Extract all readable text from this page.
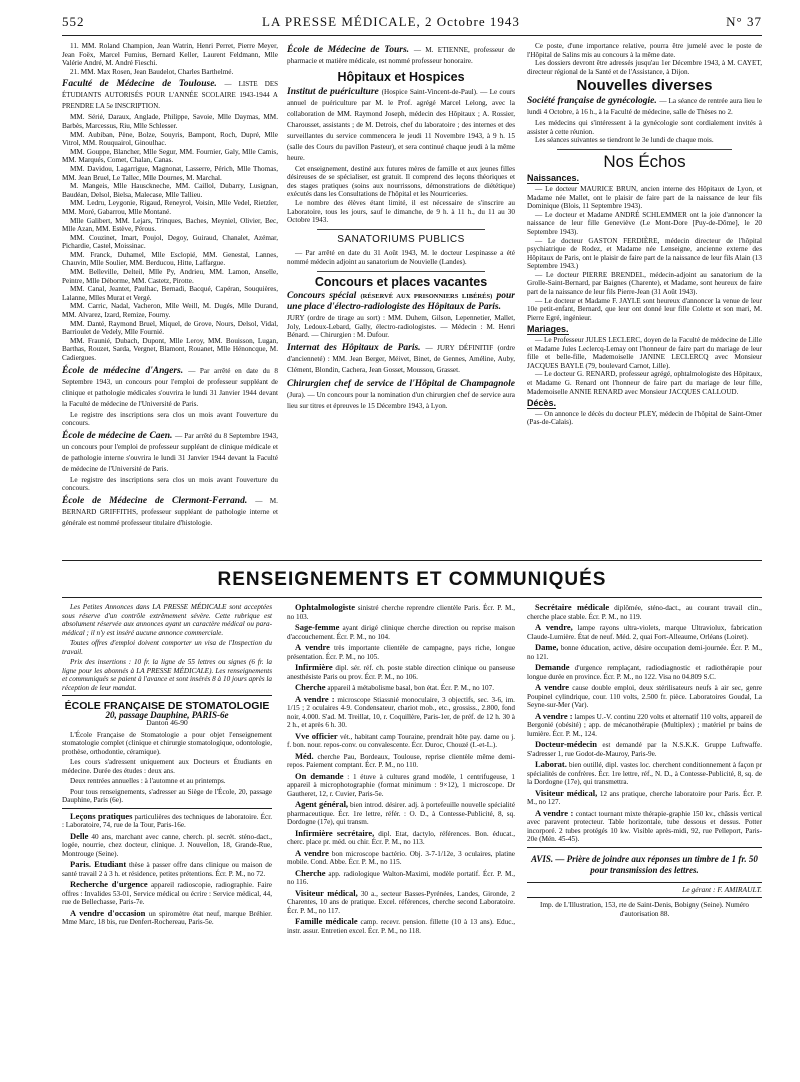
552	LA PRESSE MÉDICALE, 2 Octobre 1943	N° 37

11. MM. Roland Champion, Jean Watrin, Henri Perret, Pierre Meyer, Jean Foëx, Marcel Fumius, Bernard Keller, Laurent Feldmann, Mlle Valérie André, M. André Fieschi.

21. MM. Max Rosen, Jean Baudelot, Charles Barthelmé.

Faculté de Médecine de Toulouse. — LISTE DES ÉTUDIANTS AUTORISÉS POUR L'ANNÉE SCOLAIRE 1943-1944 A PRENDRE LA 5e INSCRIPTION.

MM. Sérié, Daraux, Anglade, Philippe, Savoie, Mlle Daymas, MM. Barbès, Marcessus, Riu, Mlle Schlesser.

MM. Aubiban, Pène, Bolze, Souyris, Bampont, Roch, Dupré, Mlle Vitrol, MM. Rouquairol, Ginoulhac.

MM. Gouppe, Blancher, Mlle Segur, MM. Fournier, Galy, Mlle Camis, MM. Marqués, Comet, Chalan, Canas.

MM. Davidou, Lagarrigue, Magnonat, Lasserre, Périch, Mlle Thomas, MM. Jean Bruel, Le Tallec, Mlle Dournes, M. Marchal.

M. Mangeis, Mlle Hausckneche, MM. Caillol, Dubarry, Lusignan, Baudéan, Delsol, Bielsa, Malecase, Mlle Tallieu.

MM. Ledru, Leygonie, Rigaud, Reneyrol, Voisin, Mlle Vedel, Rietzler, MM. Moré, Gabarrou, Mlle Montané.

Mlle Galibert, MM. Lejars, Trinques, Baches, Meyniel, Olivier, Bec, Mlle Azan, MM. Estève, Pérous.

MM. Couzinet, Imart, Poujol, Degoy, Guiraud, Chanalet, Azémar, Pichardie, Castel, Moissinac.

MM. Franck, Duhamel, Mlle Esclopié, MM. Genestal, Lannes, Chauvin, Mlle Soulier, MM. Berducou, Hitte, Laffargue.

MM. Belleville, Delteil, Mlle Py, Andrieu, MM. Lamon, Anselle, Peintre, Mlle Déborme, MM. Castetz, Pirotte.

MM. Canal, Jeantet, Paulhac, Bernadi, Bacqué, Capéran, Souquières, Lalanne, Mlles Murat et Vergé.

MM. Carric, Nadal, Vacheron, Mlle Weill, M. Dugés, Mlle Durand, MM. Alvarez, Izard, Remize, Fourny.

MM. Danté, Raymond Bruel, Miquel, de Grove, Nours, Delsol, Vidal, Barrioulet de Vedely, Mlle Fournié.

MM. Fraunié, Dubach, Dupont, Mlle Leroy, MM. Bouisson, Lugan, Barthas, Rouzet, Sarda, Vergnet, Blamont, Rouanet, Mlle Hénoncque, M. Cadiergues.

École de médecine d'Angers. — Par arrêté en date du 8 Septembre 1943, un concours pour l'emploi de professeur suppléant de clinique et pathologie médicales s'ouvrira le lundi 31 Janvier 1944 devant la Faculté de médecine de l'Université de Paris.

Le registre des inscriptions sera clos un mois avant l'ouverture du concours.

École de médecine de Caen. — Par arrêté du 8 Septembre 1943, un concours pour l'emploi de professeur suppléant de clinique médicale et de pathologie interne s'ouvrira le lundi 31 Janvier 1944 devant la Faculté de médecine de l'Université de Paris.

Le registre des inscriptions sera clos un mois avant l'ouverture du concours.

École de Médecine de Clermont-Ferrand. — M. BERNARD GRIFFITHS, professeur suppléant de pathologie interne et générale est nommé professeur titulaire d'histologie.
École de Médecine de Tours. — M. ETIENNE, professeur de pharmacie et matière médicale, est nommé professeur honoraire.
Hôpitaux et Hospices
Institut de puériculture (Hospice Saint-Vincent-de-Paul). — Le cours annuel de puériculture par M. le Prof. agrégé Marcel Lelong, avec la collaboration de MM. Raymond Joseph, médecin des Hôpitaux ; A. Rossier, Charousset, assistants ; de M. Detrois, chef du laboratoire ; des internes et des surveillantes du service commencera le jeudi 11 Novembre 1943, à 9 h. 15 (salle des Cours du pavillon Pasteur), et sera continué chaque jeudi à la même heure.

Cet enseignement, destiné aux futures mères de famille et aux jeunes filles désireuses de se spécialiser, est gratuit. Il comprend des leçons théoriques et des stages pratiques (soins aux nourrissons, démonstrations de diététique) exécutés dans les Consultations de l'hôpital et les Nourriceries.

Le nombre des élèves étant limité, il est nécessaire de s'inscrire au Laboratoire, tous les jours, sauf le dimanche, de 9 h. à 11 h., du 11 au 30 Octobre 1943.

SANATORIUMS PUBLICS

— Par arrêté en date du 31 Août 1943, M. le docteur Lespinasse a été nommé médecin adjoint au sanatorium de Nouvielle (Landes).

Concours et places vacantes
Concours spécial (RÉSERVÉ AUX PRISONNIERS LIBÉRÉS) pour une place d'électro-radiologiste des Hôpitaux de Paris.

JURY (ordre de tirage au sort) : MM. Duhem, Gilson, Lepennetier, Mallet, Joly, Ledoux-Lebard, Gally, électro-radiologistes. — Médecin : M. Henri Bénard. — Chirurgien : M. Dufour.

Internat des Hôpitaux de Paris. — JURY DÉFINITIF (ordre d'ancienneté) : MM. Jean Berger, Méivet, Binet, de Gennes, Améline, Auby, Clément, Blondin, Cachera, Jean Gosset, Moussou, Grasset.
Chirurgien chef de service de l'Hôpital de Champagnole (Jura). — Un concours pour la nomination d'un chirurgien chef de service aura lieu sur titres et épreuves le 15 Décembre 1943, à Lyon.

Ce poste, d'une importance relative, pourra être jumelé avec le poste de l'Hôpital de Salins mis au concours à la même date.

Les dossiers devront être adressés jusqu'au 1er Décembre 1943, à M. CAYET, directeur régional de la Santé et de l'Assistance, à Dijon.

Nouvelles diverses
Société française de gynécologie. — La séance de rentrée aura lieu le lundi 4 Octobre, à 16 h., à la Faculté de médecine, salle de Thèses no 2.

Les médecins qui s'intéressent à la gynécologie sont cordialement invités à assister à cette réunion.

Les séances suivantes se tiendront le 3e lundi de chaque mois.

Nos Échos
Naissances.

— Le docteur MAURICE BRUN, ancien interne des Hôpitaux de Lyon, et Madame née Mallet, ont le plaisir de faire part de la naissance de leur fils Dominique (Blois, 11 Septembre 1943).

— Le docteur et Madame ANDRÉ SCHLEMMER ont la joie d'annoncer la naissance de leur fille Geneviève (Le Mont-Dore [Puy-de-Dôme], le 20 Septembre 1943).

— Le docteur GASTON FERDIÈRE, médecin directeur de l'hôpital psychiatrique de Rodez, et Madame née Lenseigne, ancienne externe des Hôpitaux de Paris, ont le plaisir de faire part de la naissance de leur fils Alain (13 Septembre 1943.)

— Le docteur PIERRE BRENDEL, médecin-adjoint au sanatorium de la Grolle-Saint-Bernard, par Baignes (Charente), et Madame, sont heureux de faire part de la naissance de leur fils Pierre-Jean (31 Août 1943).

— Le docteur et Madame F. JAYLE sont heureux d'annoncer la venue de leur 10e petit-enfant, Bernard, que leur ont donné leur fille Colette et son mari, M. Pierre Egré, ingénieur.

Mariages.

— Le Professeur JULES LECLERC, doyen de la Faculté de médecine de Lille et Madame Jules Leclercq-Lemay ont l'honneur de faire part du mariage de leur fille et belle-fille, Mademoiselle JANINE LECLERCQ avec Monsieur JACQUES BAYLE (79, boulevard Carnot, Lille).

— Le docteur G. RENARD, professeur agrégé, ophtalmologiste des Hôpitaux, et Madame G. Renard ont l'honneur de faire part du mariage de leur fille, Mademoiselle ANNIE RENARD avec Monsieur JACQUES CALLOUD.

Décès.

— On annonce le décès du docteur PLEY, médecin de l'hôpital de Saint-Omer (Pas-de-Calais).

RENSEIGNEMENTS ET COMMUNIQUÉS

Les Petites Annonces dans LA PRESSE MÉDICALE sont acceptées sous réserve d'un contrôle extrêmement sévère. Cette rubrique est absolument réservée aux annonces ayant un caractère médical ou para-médical ; il n'y est inséré aucune annonce commerciale.

Toutes offres d'emploi doivent comporter un visa de l'Inspection du travail.

Prix des insertions : 10 fr. la ligne de 55 lettres ou signes (6 fr. la ligne pour les abonnés à LA PRESSE MÉDICALE). Les renseignements et communiqués se paient à l'avance et sont insérés 8 à 10 jours après la réception de leur mandat.

ÉCOLE FRANÇAISE DE STOMATOLOGIE
20, passage Dauphine, PARIS-6e
Danton 46-90

L'École Française de Stomatologie a pour objet l'enseignement stomatologie complet (clinique et chirurgie stomatologique, odontologie, prothèse, orthodontie, céramique).

Les cours s'adressent uniquement aux Docteurs et Étudiants en médecine. Durée des études : deux ans.

Deux rentrées annuelles : à l'automne et au printemps.

Pour tous renseignements, s'adresser au Siège de l'École, 20, passage Dauphine, Paris (6e).

Leçons pratiques particulières des techniques de laboratoire. Écr. : Laboratoire, 74, rue de la Tour, Paris-16e.

Delle 40 ans, marchant avec canne, cherch. pl. secrét. sténo-dact., logée, nourrie, chez docteur, clinique. J. Nouvellon, 18, Grande-Rue, Montrouge (Seine).

Paris. Etudiant thèse à passer offre dans clinique ou maison de santé travail 2 à 3 h. et résidence, petites prétentions. Écr. P. M., no 72.

Recherche d'urgence appareil radioscopie, radiographie. Faire offres : Invalides 53-01, Service médical ou écrire : Service médical, 44, rue de Bellechasse, Paris-7e.

A vendre d'occasion un spiromètre état neuf, marque Bréhier. Mme Marc, 18 bis, rue Denfert-Rochereau, Paris-5e.

Ophtalmologiste sinistré cherche reprendre clientèle Paris. Écr. P. M., no 103.

Sage-femme ayant dirigé clinique cherche direction ou reprise maison d'accouchement. Écr. P. M., no 104.

A vendre très importante clientèle de campagne, pays riche, longue présentation. Écr. P. M., no 105.

Infirmière dipl. sér. réf. ch. poste stable direction clinique ou panseuse anesthésiste Paris ou prov. Écr. P. M., no 106.

Cherche appareil à métabolisme basal, bon état. Écr. P. M., no 107.

A vendre : microscope Stiassnié monoculaire, 3 objectifs, sec. 3-6, im. 1/15 ; 2 oculaires 4-9. Condensateur, chariot mob., etc., grossiss., 2.800, fond noir, 4.000. S'ad. M. Treillat, 10, r. Coquillère, Paris-1er, de préf. de 12 h. 30 à 2 h., et après 6 h. 30.

Vve officier vét., habitant camp Touraine, prendrait hôte pay. dame ou j. f. bon. nour. repos-conv. ou convalescente. Écr. Duroc, Chouzé (I.-et-L.).

Méd. cherche Pau, Bordeaux, Toulouse, reprise clientèle même demi-repos. Paiement comptant. Écr. P. M., no 110.

On demande : 1 étuve à cultures grand modèle, 1 centrifugeuse, 1 appareil à microphotographie (format minimum : 9×12), 1 microscope. Dr Gautheret, 12, r. Cuvier, Paris-5e.

Agent général, bien introd. désirer. adj. à portefeuille nouvelle spécialité pharmaceutique. Écr. 1re lettre, référ. : O. D., à Contesse-Publicité, 8, sq. Dordogne (17e), qui transm.

Infirmière secrétaire, dipl. Etat, dactylo, références. Bon. éducat., cherc. place pr. méd. ou chir. Écr. P. M., no 113.

A vendre bon microscope bactério. Obj. 3-7-1/12e, 3 oculaires, platine mobile. Cond. Abbe. Écr. P. M., no 115.

Cherche app. radiologique Walton-Maximi, modèle portatif. Écr. P. M., no 116.

Visiteur médical, 30 a., secteur Basses-Pyrénées, Landes, Gironde, 2 Charentes, 10 ans de pratique. Excel. références, cherche second Laboratoire. Écr. P. M., no 117.

Famille médicale camp. recevr. pension. fillette (10 à 13 ans). Educ., instr. assur. Entretien excel. Écr. P. M., no 118.

Secrétaire médicale diplômée, sténo-dact., au courant travail clin., cherche place stable. Écr. P. M., no 119.

A vendre, lampe rayons ultra-violets, marque Ultraviolux, fabrication Claude-Lumière. État de neuf. Méd. 2, quai Fort-Alleaume, Orléans (Loiret).

Dame, bonne éducation, active, désire occupation demi-journée. Écr. P. M., no 121.

Demande d'urgence remplaçant, radiodiagnostic et radiothérapie pour longue durée en province. Écr. P. M., no 122. Visa no 04.809 S.C.

A vendre cause double emploi, deux stérilisateurs neufs à air sec, genre Poupinel cylindrique, cour. 110 volts, 2.500 fr. pièce. Laboratoires Goudal, La Seyne-sur-Mer (Var).

A vendre : lampes U.-V. continu 220 volts et alternatif 110 volts, appareil de Bergonié (obésité) ; app. de mécanothérapie (Multiplex) ; matériel pr bains de lumière. Écr. P. M., 124.

Docteur-médecin est demandé par la N.S.K.K. Gruppe Luftwaffe. S'adresser 1, rue Godot-de-Mauroy, Paris-9e.

Laborat. bien outillé, dipl. vastes loc. cherchent conditionnement à façon pr spécialités de confrères. Écr. 1re lettre, réf., N. D., à Contesse-Publicité, 8, sq. de la Dordogne (17e), qui transmettra.

Visiteur médical, 12 ans pratique, cherche laboratoire pour Paris. Écr. P. M., no 127.

A vendre : contact tournant mixte thérapie-graphie 150 kv., châssis vertical avec paravent protecteur. Table horizontale, tube dessous et dessus. Potter incorporé. 2 tubes protégés 10 kw. Visible après-midi, 92, rue Pelleport, Paris-20e (Mén. 45-45).

AVIS. — Prière de joindre aux réponses un timbre de 1 fr. 50 pour transmission des lettres.
Le gérant : F. AMIRAULT.
Imp. de L'Illustration, 153, rte de Saint-Denis, Bobigny (Seine). Numéro d'autorisation 88.
